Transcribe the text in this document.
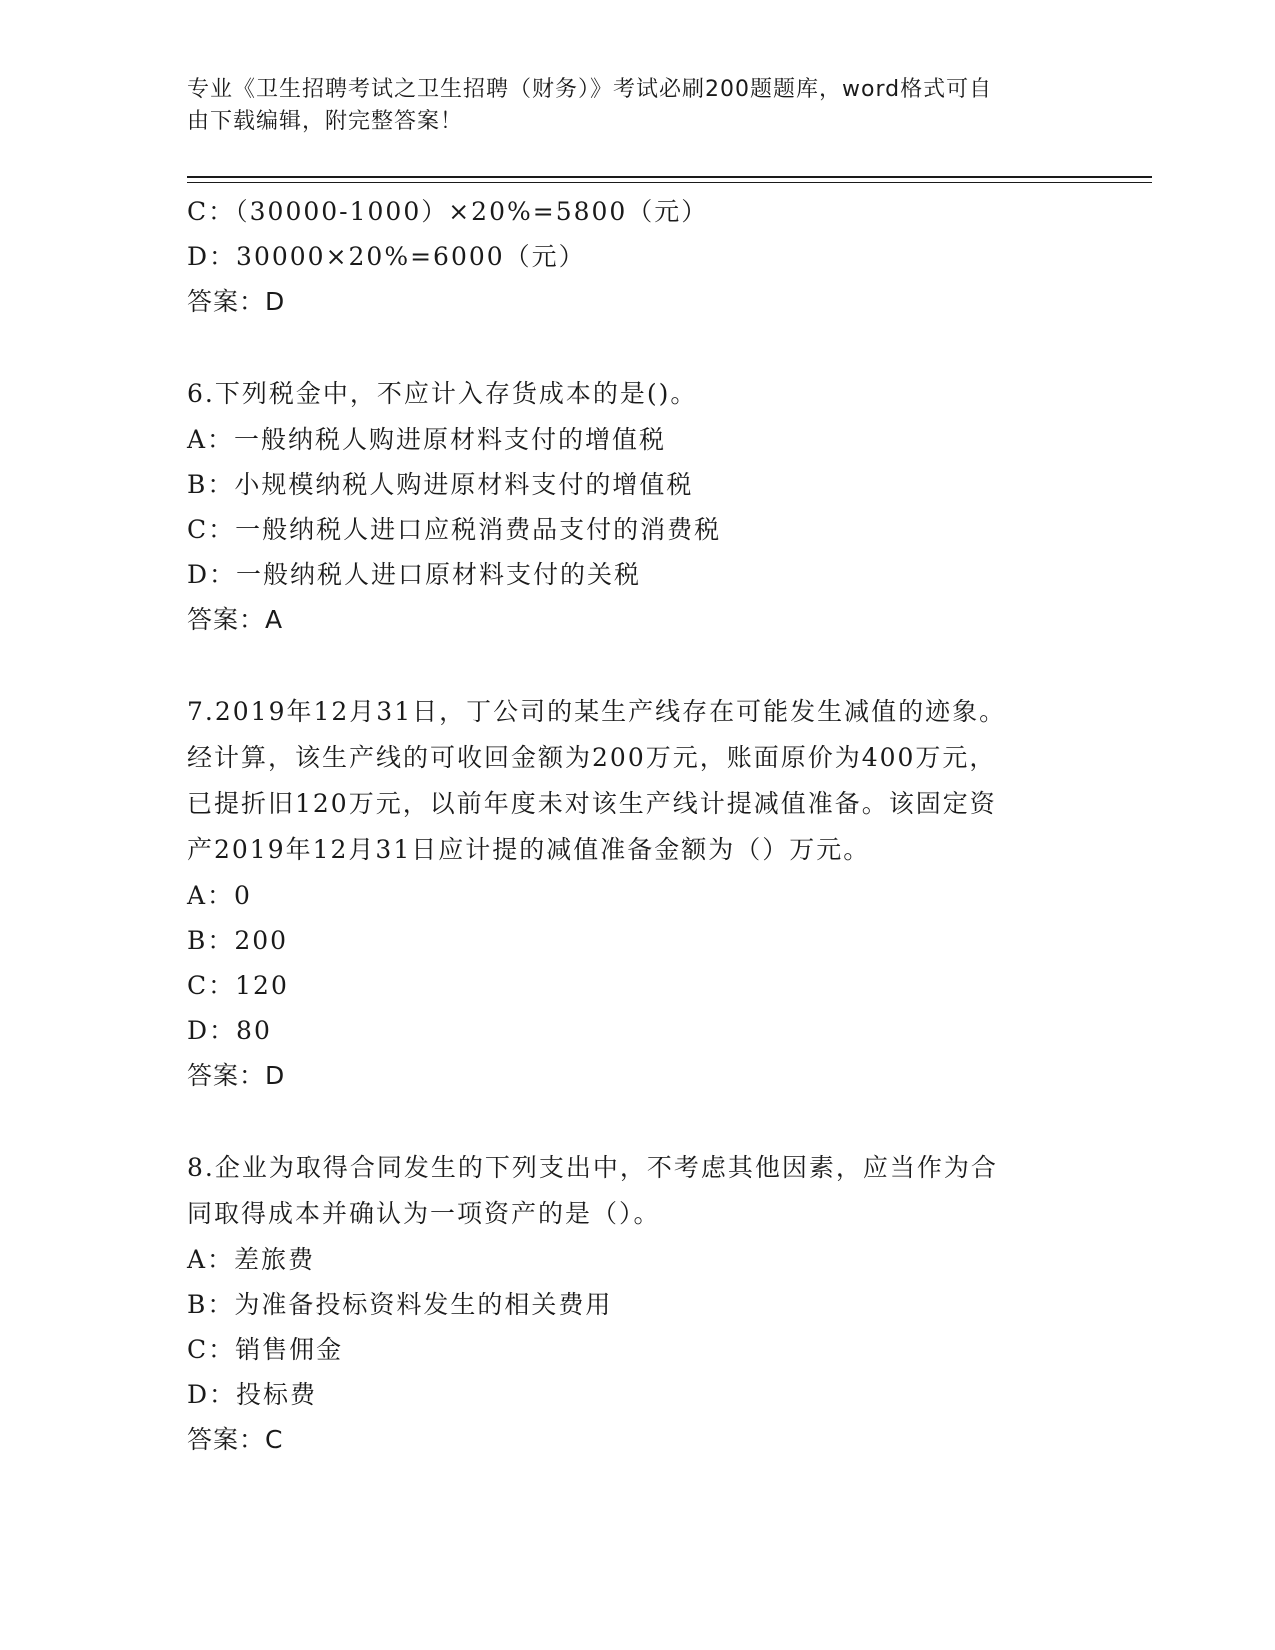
专业《卫生招聘考试之卫生招聘（财务）》考试必刷200题题库，word格式可自
由下载编辑，附完整答案！
C：（30000-1000）×20%=5800（元）
D：30000×20%=6000（元）
答案：D
6.下列税金中，不应计入存货成本的是()。
A：一般纳税人购进原材料支付的增值税
B：小规模纳税人购进原材料支付的增值税
C：一般纳税人进口应税消费品支付的消费税
D：一般纳税人进口原材料支付的关税
答案：A
7.2019年12月31日，丁公司的某生产线存在可能发生减值的迹象。
经计算，该生产线的可收回金额为200万元，账面原价为400万元，
已提折旧120万元，以前年度未对该生产线计提减值准备。该固定资
产2019年12月31日应计提的减值准备金额为（）万元。
A：0
B：200
C：120
D：80
答案：D
8.企业为取得合同发生的下列支出中，不考虑其他因素，应当作为合
同取得成本并确认为一项资产的是（）。
A：差旅费
B：为准备投标资料发生的相关费用
C：销售佣金
D：投标费
答案：C
